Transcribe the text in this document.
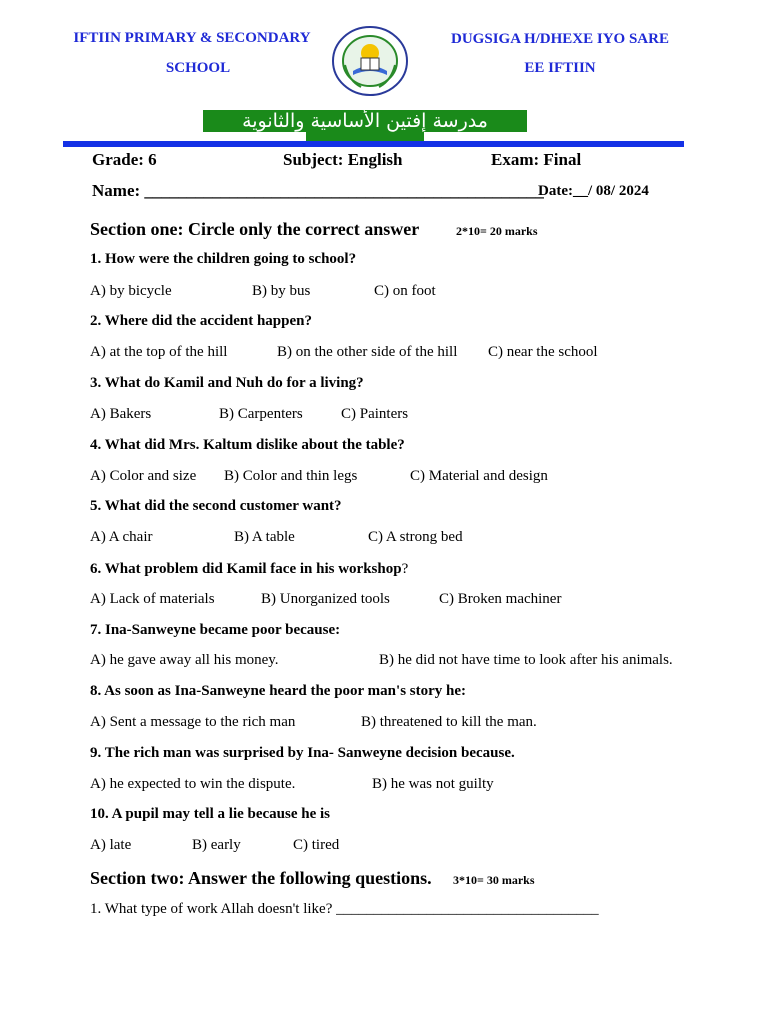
IFTIIN PRIMARY & SECONDARY
SCHOOL
DUGSIGA H/DHEXE IYO SARE
EE IFTIIN
مدرسة إفتين الأساسية والثانوية
Grade: 6	Subject: English	Exam: Final
Name: _______________________________________________
Date:__/ 08/ 2024
Section one: Circle only the correct answer	2*10= 20 marks
1. How were the children going to school?
A) by bicycle	B) by bus	C) on foot
2. Where did the accident happen?
A) at the top of the hill	B) on the other side of the hill C) near the school
3. What do Kamil and Nuh do for a living?
A) Bakers	B) Carpenters	C) Painters
4. What did Mrs. Kaltum dislike about the table?
A) Color and size B) Color and thin legs	C) Material and design
5. What did the second customer want?
A) A chair	B) A table	C) A strong bed
6. What problem did Kamil face in his workshop?
A) Lack of materials	B) Unorganized tools	C) Broken machiner
7. Ina-Sanweyne became poor because:
A) he gave away all his money.	B) he did not have time to look after his animals.
8. As soon as Ina-Sanweyne heard the poor man's story he:
A) Sent a message to the rich man	B) threatened to kill the man.
9. The rich man was surprised by Ina- Sanweyne decision because.
A) he expected to win the dispute.	B) he was not guilty
10. A pupil may tell a lie because he is
A) late	B) early	C) tired
Section two: Answer the following questions. 3*10= 30 marks
1. What type of work Allah doesn't like? ___________________________________
